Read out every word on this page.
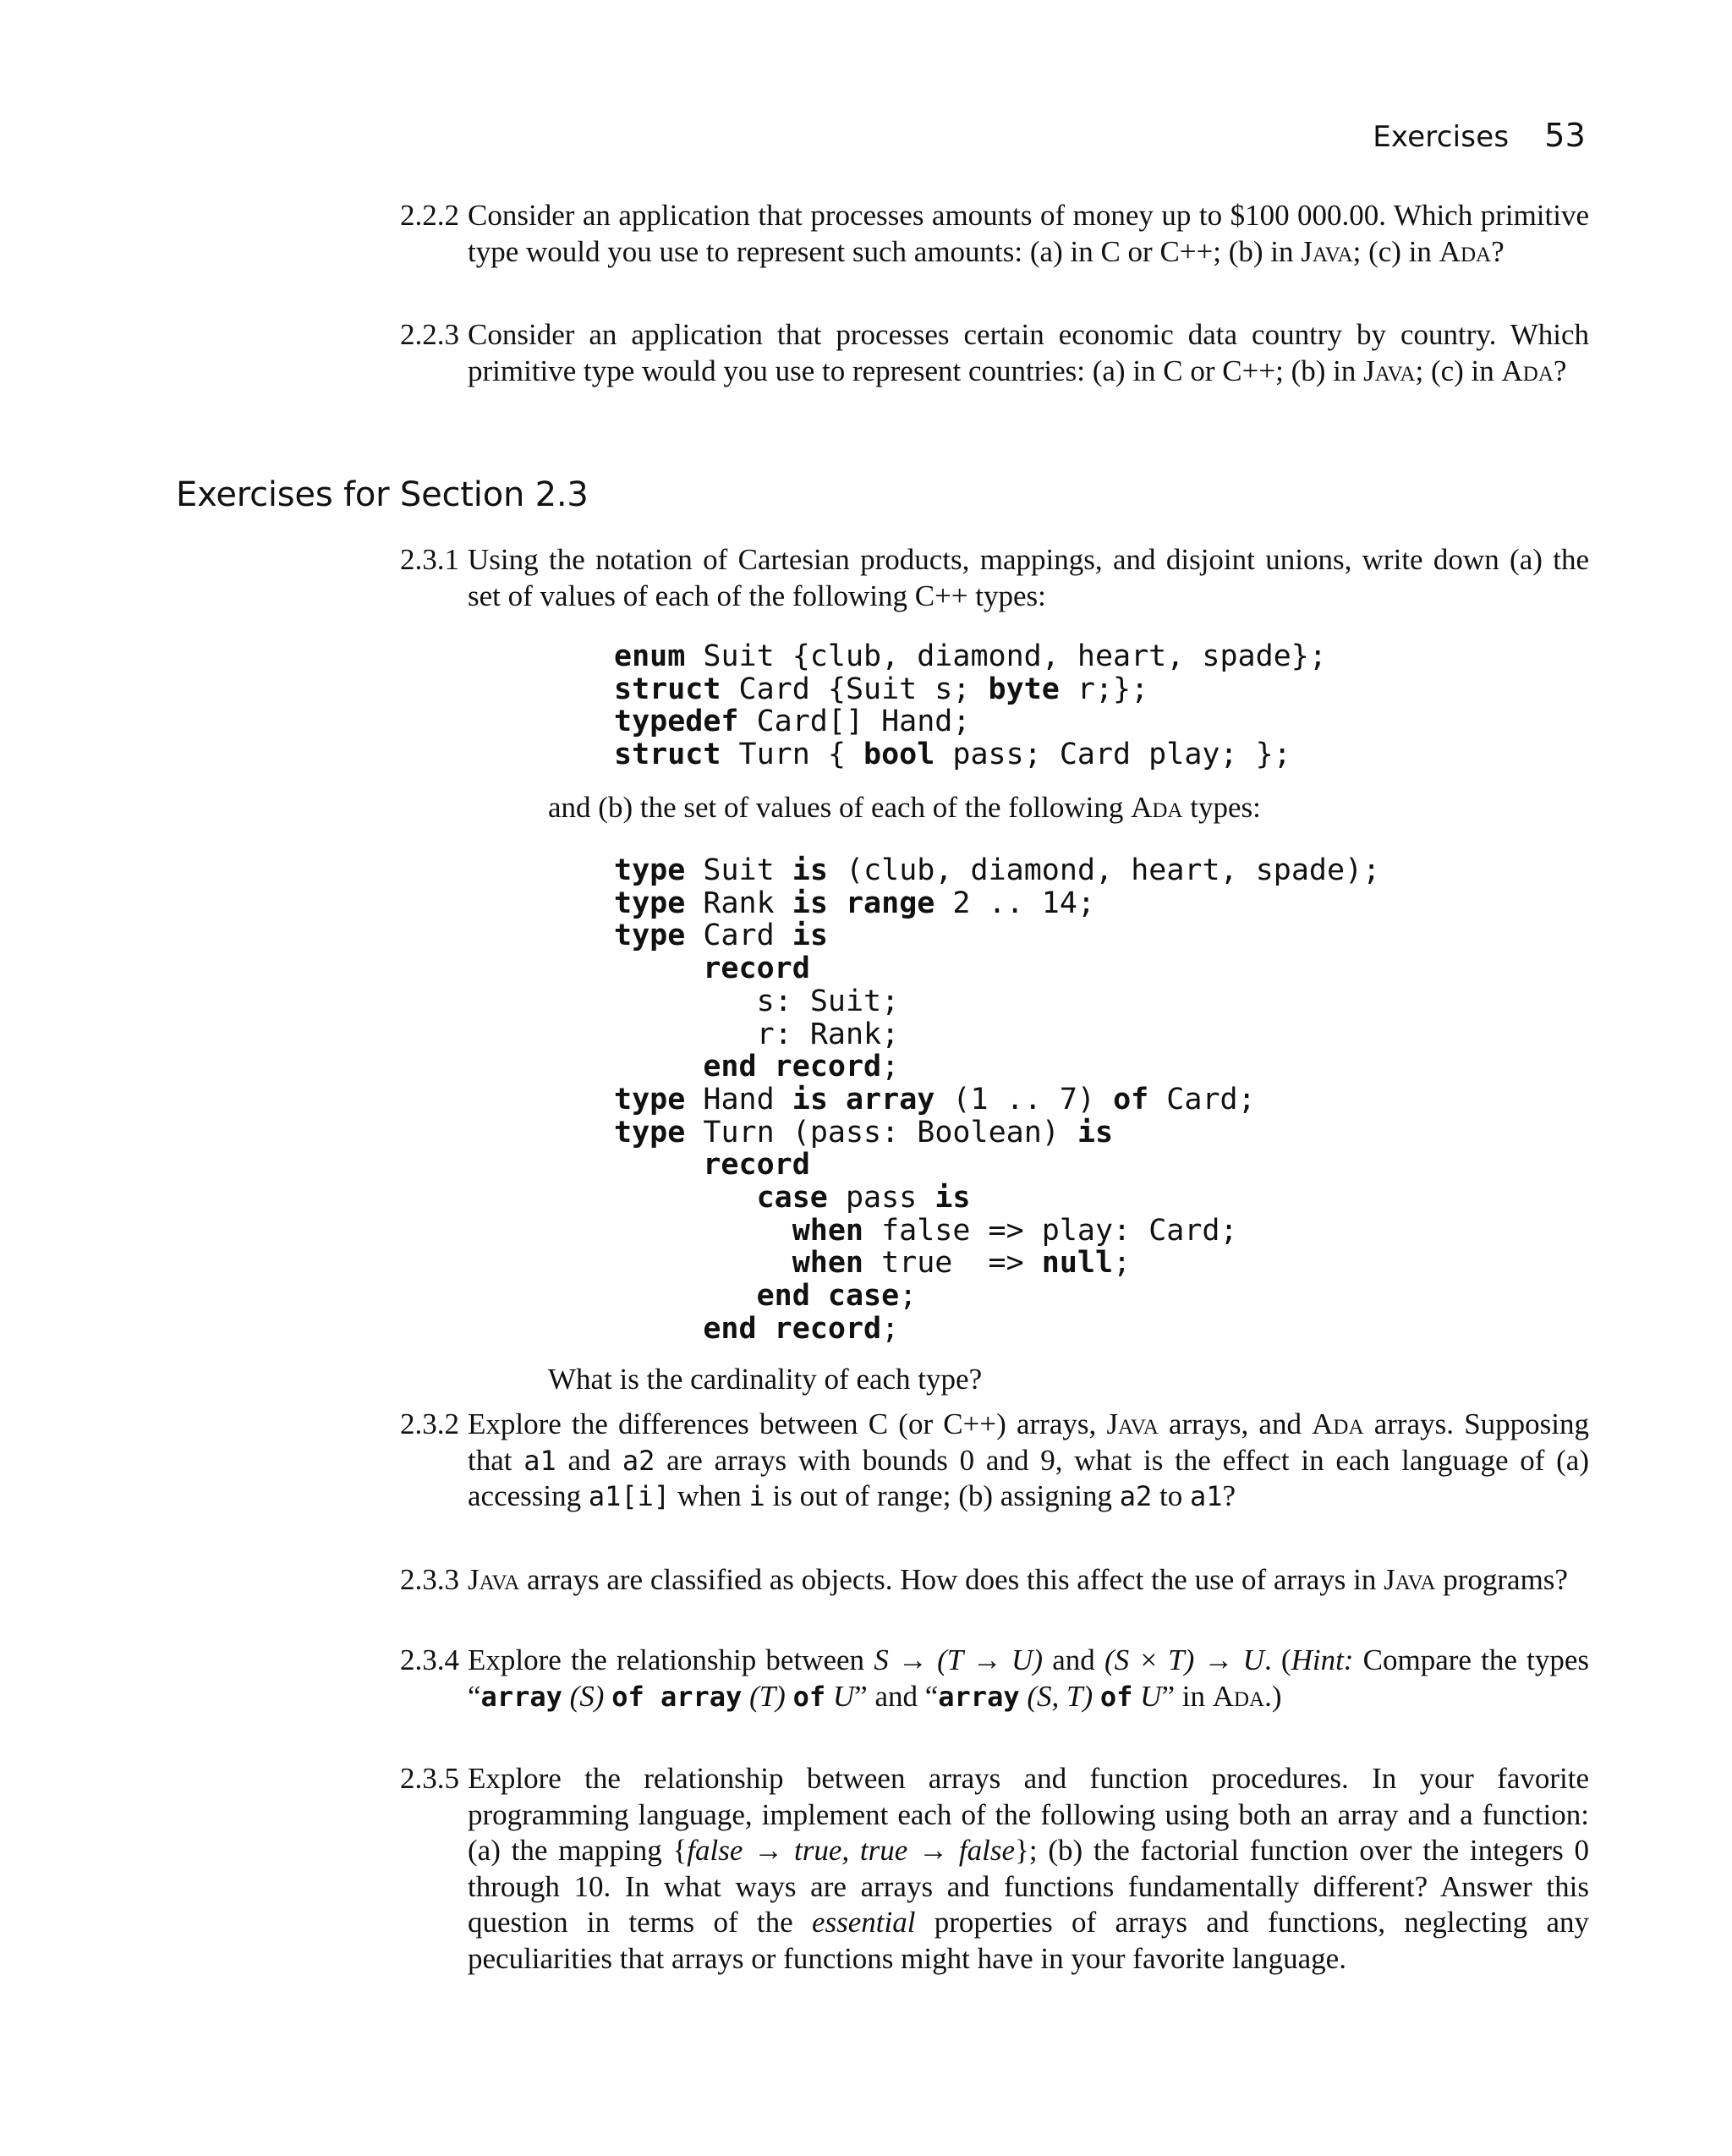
Exercises 53
2.2.2 Consider an application that processes amounts of money up to $100 000.00. Which primitive type would you use to represent such amounts: (a) in C or C++; (b) in Java; (c) in Ada?

2.2.3 Consider an application that processes certain economic data country by country. Which primitive type would you use to represent countries: (a) in C or C++; (b) in Java; (c) in Ada?

Exercises for Section 2.3
2.3.1 Using the notation of Cartesian products, mappings, and disjoint unions, write down (a) the set of values of each of the following C++ types:

enum Suit {club, diamond, heart, spade};
struct Card {Suit s; byte r;};
typedef Card[] Hand;
struct Turn { bool pass; Card play; };

and (b) the set of values of each of the following Ada types:

type Suit is (club, diamond, heart, spade);
type Rank is range 2 .. 14;
type Card is
record
s: Suit;
r: Rank;
end record;
type Hand is array (1 .. 7) of Card;
type Turn (pass: Boolean) is
record
case pass is
when false => play: Card;
when true  => null;
end case;
end record;

What is the cardinality of each type?

2.3.2 Explore the differences between C (or C++) arrays, Java arrays, and Ada arrays. Supposing that a1 and a2 are arrays with bounds 0 and 9, what is the effect in each language of (a) accessing a1[i] when i is out of range; (b) assigning a2 to a1?

2.3.3 Java arrays are classified as objects. How does this affect the use of arrays in Java programs?

2.3.4 Explore the relationship between S → (T → U) and (S × T) → U. (Hint: Compare the types “array (S) of array (T) of U” and “array (S, T) of U” in Ada.)

2.3.5 Explore the relationship between arrays and function procedures. In your favorite programming language, implement each of the following using both an array and a function: (a) the mapping {false → true, true → false}; (b) the factorial function over the integers 0 through 10. In what ways are arrays and functions fundamentally different? Answer this question in terms of the essential properties of arrays and functions, neglecting any peculiarities that arrays or functions might have in your favorite language.
